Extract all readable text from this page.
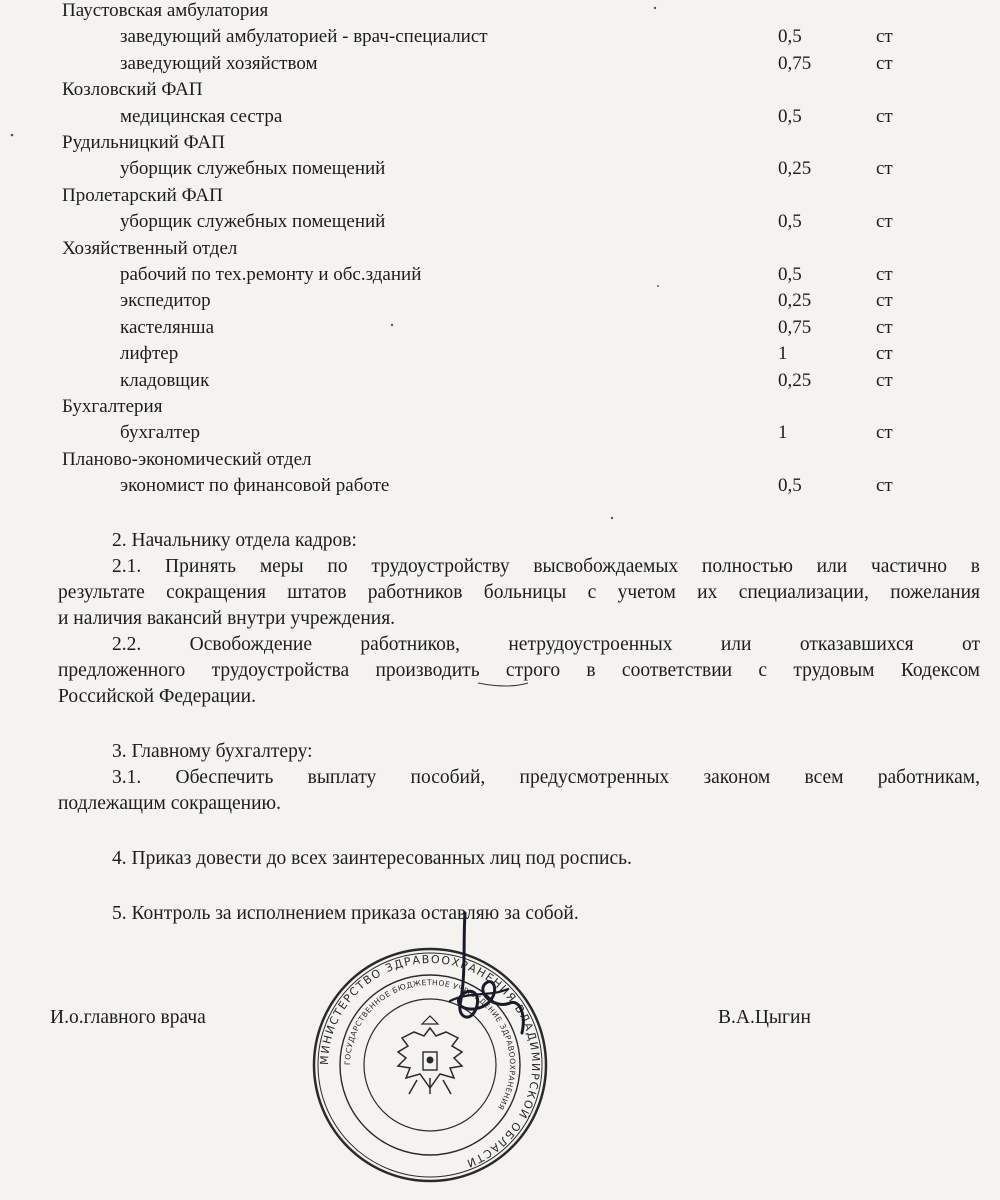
Паустовская амбулатория
заведующий амбулаторией - врач-специалист	0,5	ст
заведующий хозяйством	0,75	ст
Козловский ФАП
медицинская сестра	0,5	ст
Рудильницкий ФАП
уборщик служебных помещений	0,25	ст
Пролетарский ФАП
уборщик служебных помещений	0,5	ст
Хозяйственный отдел
рабочий по тех.ремонту и обс.зданий	0,5	ст
экспедитор	0,25	ст
кастелянша	0,75	ст
лифтер	1	ст
кладовщик	0,25	ст
Бухгалтерия
бухгалтер	1	ст
Планово-экономический отдел
экономист по финансовой работе	0,5	ст
2. Начальнику отдела кадров:
2.1. Принять меры по трудоустройству высвобождаемых полностью или частично в
результате сокращения штатов работников больницы с учетом их специализации, пожелания
и наличия вакансий внутри учреждения.
2.2. Освобождение работников, нетрудоустроенных или отказавшихся от
предложенного трудоустройства производить строго в соответствии с трудовым Кодексом
Российской Федерации.
3. Главному бухгалтеру:
3.1. Обеспечить выплату пособий, предусмотренных законом всем работникам,
подлежащим сокращению.
4. Приказ довести до всех заинтересованных лиц под роспись.
5. Контроль за исполнением приказа оставляю за собой.
И.о.главного врача	В.А.Цыгин
МИНИСТЕРСТВО ЗДРАВООХРАНЕНИЯ ВЛАДИМИРСКОЙ ОБЛАСТИ
ГОСУДАРСТВЕННОЕ БЮДЖЕТНОЕ УЧРЕЖДЕНИЕ ЗДРАВООХРАНЕНИЯ
